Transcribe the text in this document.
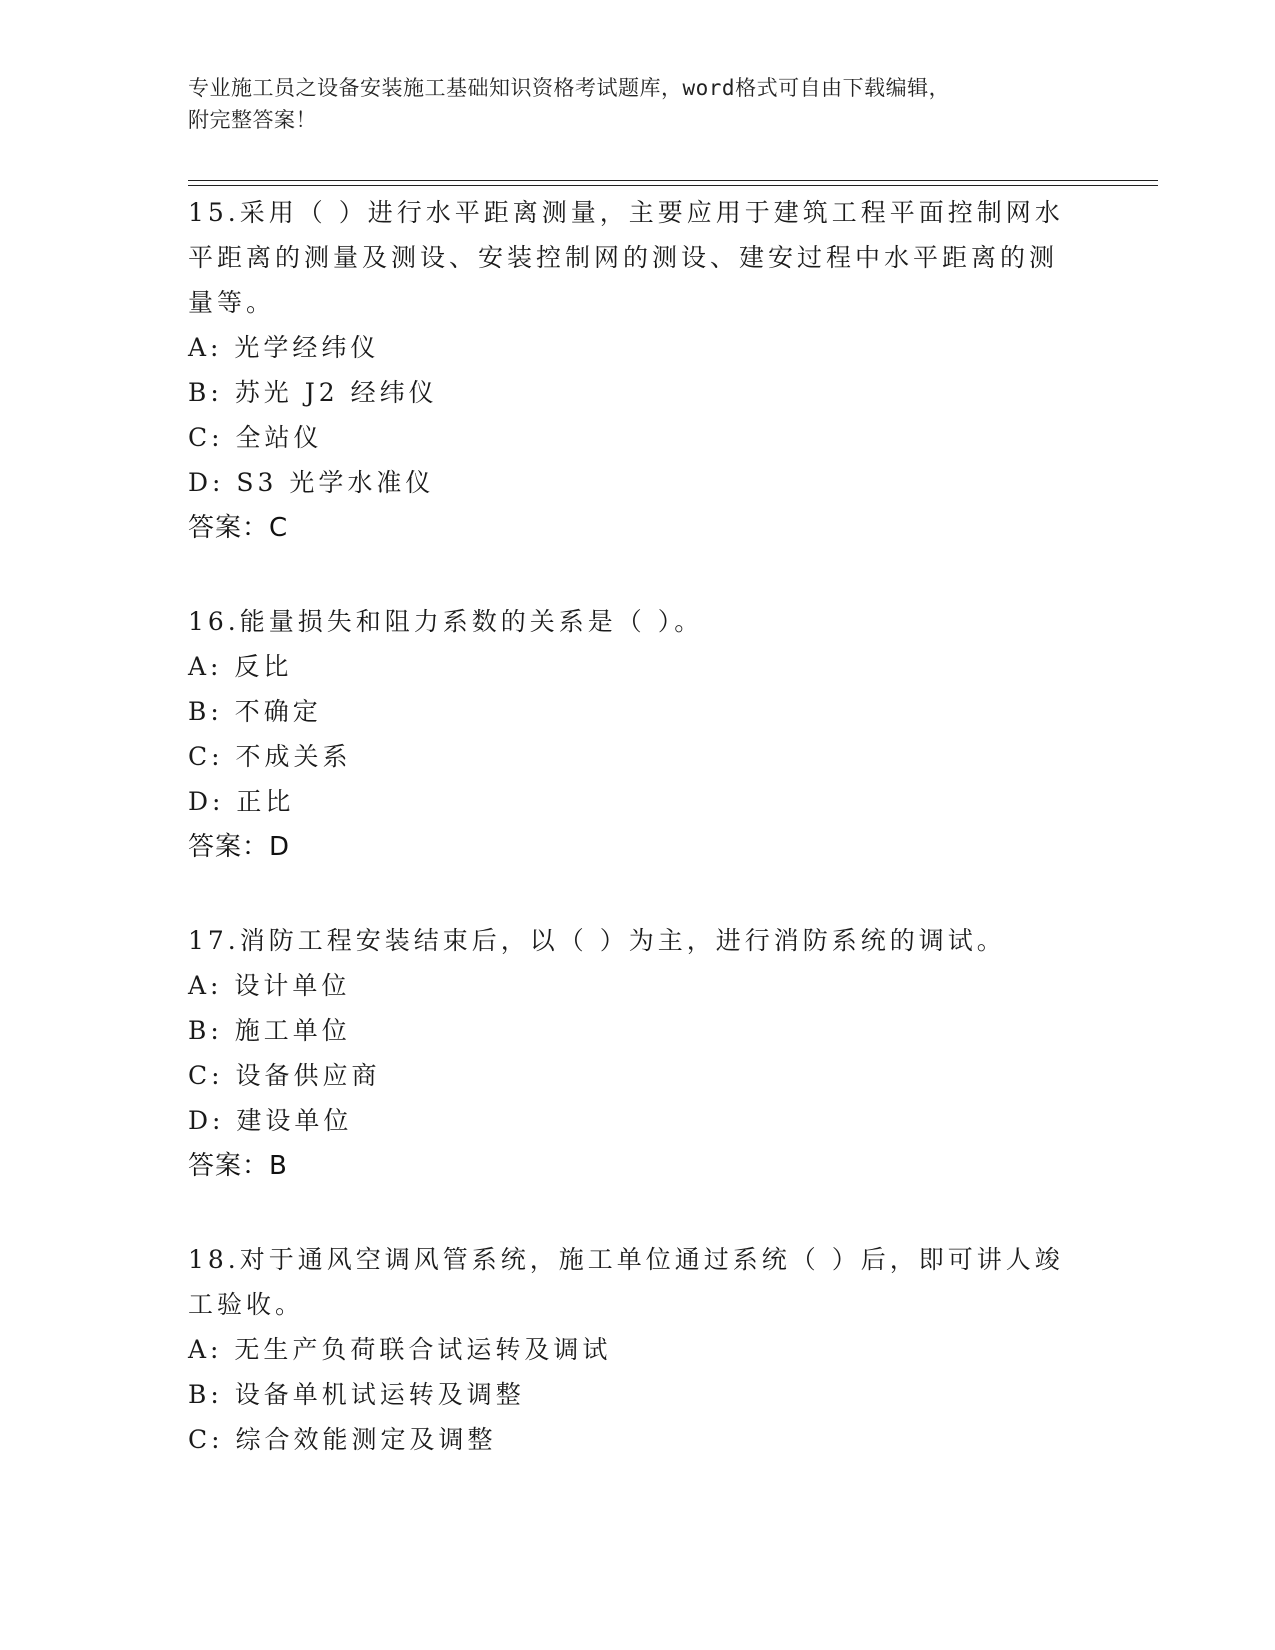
专业施工员之设备安装施工基础知识资格考试题库，word格式可自由下载编辑，
附完整答案！
15.采用（ ）进行水平距离测量，主要应用于建筑工程平面控制网水平距离的测量及测设、安装控制网的测设、建安过程中水平距离的测量等。
A: 光学经纬仪
B: 苏光 J2 经纬仪
C: 全站仪
D: S3 光学水准仪
答案：C
16.能量损失和阻力系数的关系是（ ）。
A: 反比
B: 不确定
C: 不成关系
D: 正比
答案：D
17.消防工程安装结束后，以（ ）为主，进行消防系统的调试。
A: 设计单位
B: 施工单位
C: 设备供应商
D: 建设单位
答案：B
18.对于通风空调风管系统，施工单位通过系统（ ）后，即可讲人竣工验收。
A: 无生产负荷联合试运转及调试
B: 设备单机试运转及调整
C: 综合效能测定及调整
